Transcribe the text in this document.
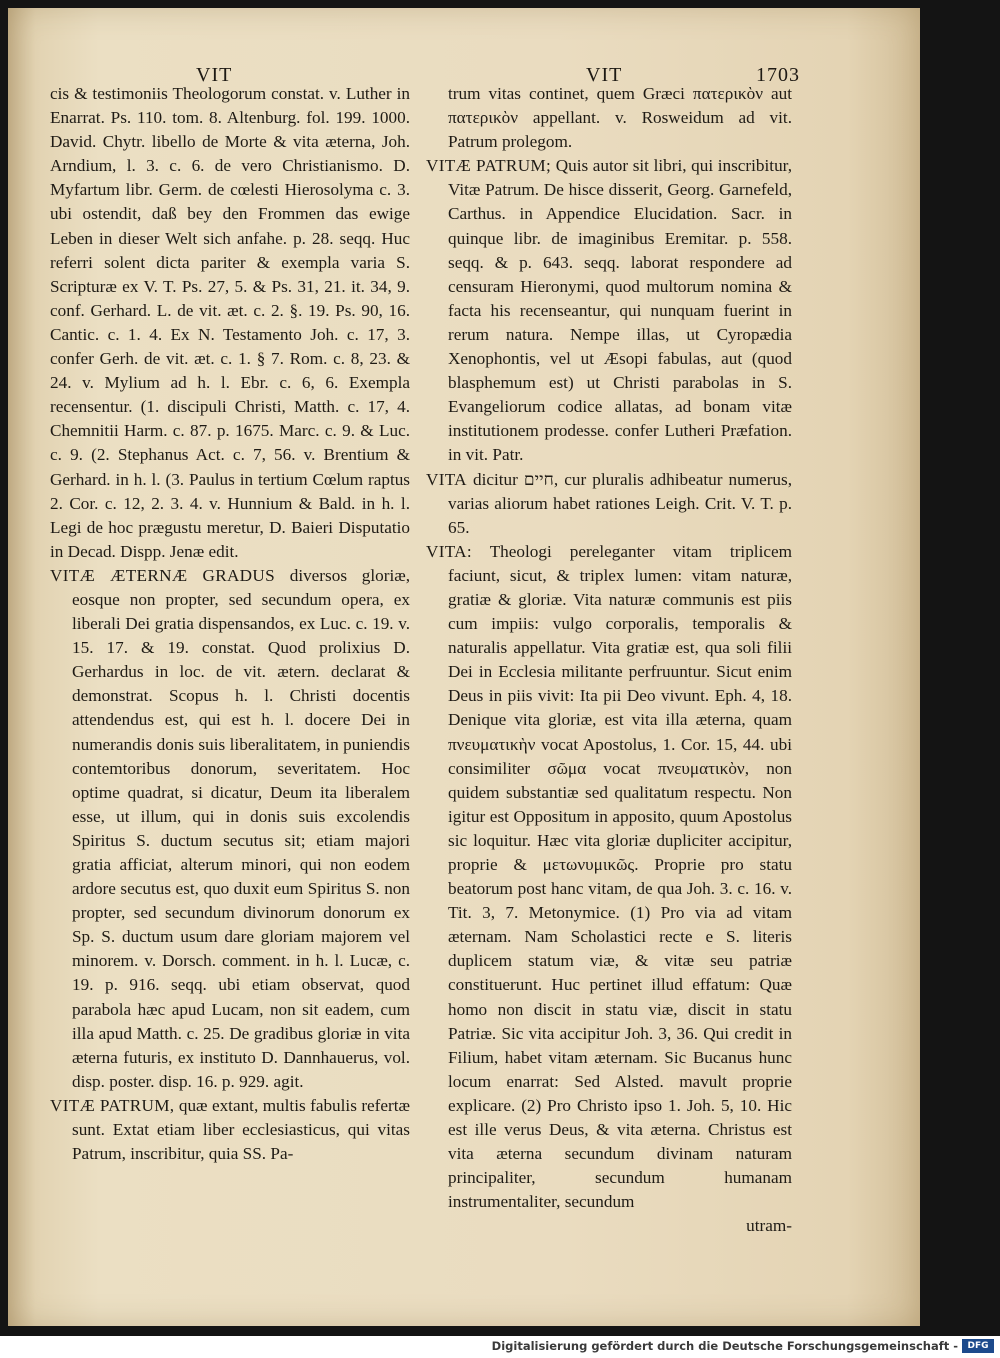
VIT	VIT	1703

cis & testimoniis Theologorum constat. v. Luther in Enarrat. Ps. 110. tom. 8. Altenburg. fol. 199. 1000. David. Chytr. libello de Morte & vita æterna, Joh. Arndium, l. 3. c. 6. de vero Christianismo. D. Myfartum libr. Germ. de cœlesti Hierosolyma c. 3. ubi ostendit, daß bey den Frommen das ewige Leben in dieser Welt sich anfahe. p. 28. seqq. Huc referri solent dicta pariter & exempla varia S. Scripturæ ex V. T. Ps. 27, 5. & Ps. 31, 21. it. 34, 9. conf. Gerhard. L. de vit. æt. c. 2. §. 19. Ps. 90, 16. Cantic. c. 1. 4. Ex N. Testamento Joh. c. 17, 3. confer Gerh. de vit. æt. c. 1. § 7. Rom. c. 8, 23. & 24. v. Mylium ad h. l. Ebr. c. 6, 6. Exempla recensentur. (1. discipuli Christi, Matth. c. 17, 4. Chemnitii Harm. c. 87. p. 1675. Marc. c. 9. & Luc. c. 9. (2. Stephanus Act. c. 7, 56. v. Brentium & Gerhard. in h. l. (3. Paulus in tertium Cœlum raptus 2. Cor. c. 12, 2. 3. 4. v. Hunnium & Bald. in h. l. Legi de hoc prægustu meretur, D. Baieri Disputatio in Decad. Dispp. Jenæ edit.

VITÆ ÆTERNÆ GRADUS diversos gloriæ, eosque non propter, sed secundum opera, ex liberali Dei gratia dispensandos, ex Luc. c. 19. v. 15. 17. & 19. constat. Quod prolixius D. Gerhardus in loc. de vit. ætern. declarat & demonstrat. Scopus h. l. Christi docentis attendendus est, qui est h. l. docere Dei in numerandis donis suis liberalitatem, in puniendis contemtoribus donorum, severitatem. Hoc optime quadrat, si dicatur, Deum ita liberalem esse, ut illum, qui in donis suis excolendis Spiritus S. ductum secutus sit; etiam majori gratia afficiat, alterum minori, qui non eodem ardore secutus est, quo duxit eum Spiritus S. non propter, sed secundum divinorum donorum ex Sp. S. ductum usum dare gloriam majorem vel minorem. v. Dorsch. comment. in h. l. Lucæ, c. 19. p. 916. seqq. ubi etiam observat, quod parabola hæc apud Lucam, non sit eadem, cum illa apud Matth. c. 25. De gradibus gloriæ in vita æterna futuris, ex instituto D. Dannhauerus, vol. disp. poster. disp. 16. p. 929. agit.

VITÆ PATRUM, quæ extant, multis fabulis refertæ sunt. Extat etiam liber ecclesiasticus, qui vitas Patrum, inscribitur, quia SS. Pa-

trum vitas continet, quem Græci πατερικὸν aut πατερικὸν appellant. v. Rosweidum ad vit. Patrum prolegom.

VITÆ PATRUM; Quis autor sit libri, qui inscribitur, Vitæ Patrum. De hisce disserit, Georg. Garnefeld, Carthus. in Appendice Elucidation. Sacr. in quinque libr. de imaginibus Eremitar. p. 558. seqq. & p. 643. seqq. laborat respondere ad censuram Hieronymi, quod multorum nomina & facta his recenseantur, qui nunquam fuerint in rerum natura. Nempe illas, ut Cyropædia Xenophontis, vel ut Æsopi fabulas, aut (quod blasphemum est) ut Christi parabolas in S. Evangeliorum codice allatas, ad bonam vitæ institutionem prodesse. confer Lutheri Præfation. in vit. Patr.

VITA dicitur חיים, cur pluralis adhibeatur numerus, varias aliorum habet rationes Leigh. Crit. V. T. p. 65.

VITA: Theologi pereleganter vitam triplicem faciunt, sicut, & triplex lumen: vitam naturæ, gratiæ & gloriæ. Vita naturæ communis est piis cum impiis: vulgo corporalis, temporalis & naturalis appellatur. Vita gratiæ est, qua soli filii Dei in Ecclesia militante perfruuntur. Sicut enim Deus in piis vivit: Ita pii Deo vivunt. Eph. 4, 18. Denique vita gloriæ, est vita illa æterna, quam πνευματικὴν vocat Apostolus, 1. Cor. 15, 44. ubi consimiliter σῶμα vocat πνευματικὸν, non quidem substantiæ sed qualitatum respectu. Non igitur est Oppositum in apposito, quum Apostolus sic loquitur. Hæc vita gloriæ dupliciter accipitur, proprie & μετωνυμικῶς. Proprie pro statu beatorum post hanc vitam, de qua Joh. 3. c. 16. v. Tit. 3, 7. Metonymice. (1) Pro via ad vitam æternam. Nam Scholastici recte e S. literis duplicem statum viæ, & vitæ seu patriæ constituerunt. Huc pertinet illud effatum: Quæ homo non discit in statu viæ, discit in statu Patriæ. Sic vita accipitur Joh. 3, 36. Qui credit in Filium, habet vitam æternam. Sic Bucanus hunc locum enarrat: Sed Alsted. mavult proprie explicare. (2) Pro Christo ipso 1. Joh. 5, 10. Hic est ille verus Deus, & vita æterna. Christus est vita æterna secundum divinam naturam principaliter, secundum humanam instrumentaliter, secundum

utram-

Digitalisierung gefördert durch die Deutsche Forschungsgemeinschaft -	DFG
